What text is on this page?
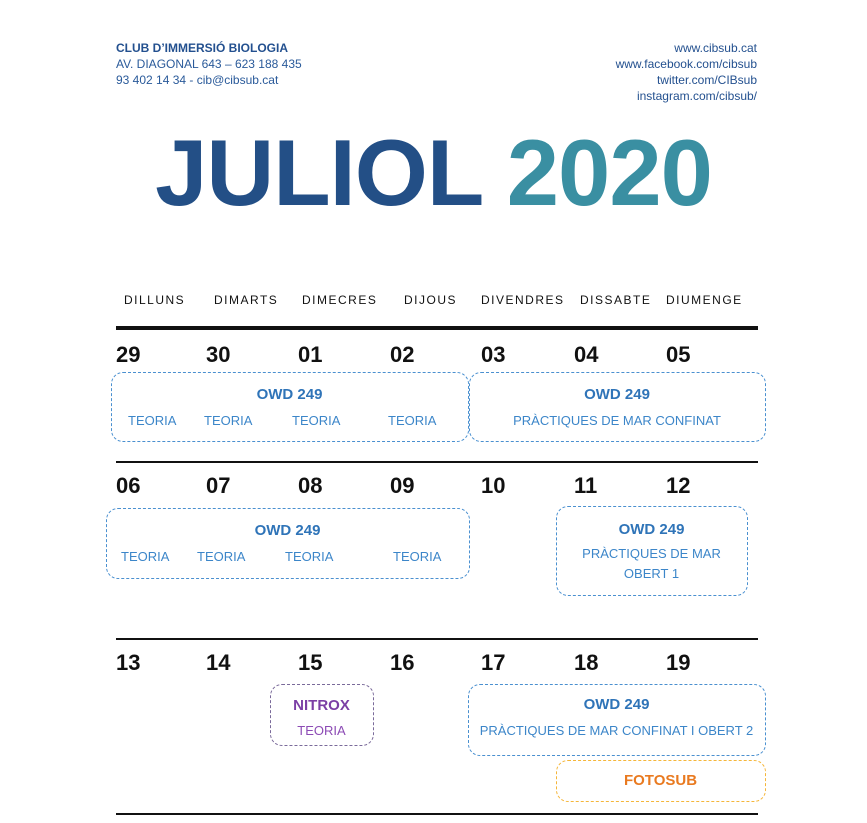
CLUB D’IMMERSIÓ BIOLOGIA
AV. DIAGONAL 643 – 623 188 435
93 402 14 34 - cib@cibsub.cat
www.cibsub.cat
www.facebook.com/cibsub
twitter.com/CIBsub
instagram.com/cibsub/
JULIOL 2020
DILLUNS DIMARTS DIMECRES DIJOUS DIVENDRES DISSABTE DIUMENGE
29	30	01	02	03	04	05
OWD 249
TEORIA TEORIA	TEORIA	TEORIA
OWD 249
PRÀCTIQUES DE MAR CONFINAT
06	07	08	09	10	11	12
OWD 249
TEORIA TEORIA	TEORIA	TEORIA
OWD 249
PRÀCTIQUES DE MAR
OBERT 1
13	14	15	16	17	18	19
NITROX
TEORIA
OWD 249
PRÀCTIQUES DE MAR CONFINAT I OBERT 2
FOTOSUB
